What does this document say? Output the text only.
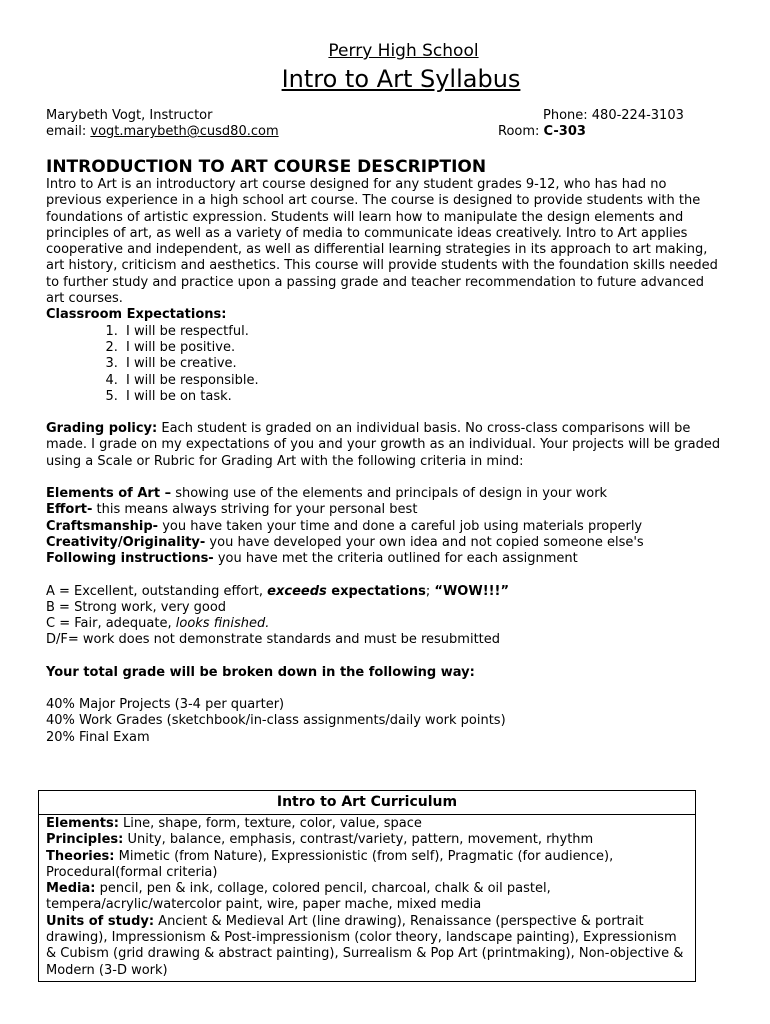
Perry High School
Intro to Art Syllabus
Marybeth Vogt, Instructor
email: vogt.marybeth@cusd80.com
Phone: 480-224-3103
Room: C-303
INTRODUCTION TO ART COURSE DESCRIPTION

Intro to Art is an introductory art course designed for any student grades 9-12, who has had no previous experience in a high school art course. The course is designed to provide students with the foundations of artistic expression. Students will learn how to manipulate the design elements and principles of art, as well as a variety of media to communicate ideas creatively. Intro to Art applies cooperative and independent, as well as differential learning strategies in its approach to art making, art history, criticism and aesthetics. This course will provide students with the foundation skills needed to further study and practice upon a passing grade and teacher recommendation to future advanced art courses.

Classroom Expectations:
1. I will be respectful.
2. I will be positive.
3. I will be creative.
4. I will be responsible.
5. I will be on task.

Grading policy: Each student is graded on an individual basis. No cross-class comparisons will be made. I grade on my expectations of you and your growth as an individual. Your projects will be graded using a Scale or Rubric for Grading Art with the following criteria in mind:

Elements of Art – showing use of the elements and principals of design in your work
Effort- this means always striving for your personal best
Craftsmanship- you have taken your time and done a careful job using materials properly
Creativity/Originality- you have developed your own idea and not copied someone else's
Following instructions- you have met the criteria outlined for each assignment
A = Excellent, outstanding effort, exceeds expectations; “WOW!!!”
B = Strong work, very good
C = Fair, adequate, looks finished.
D/F= work does not demonstrate standards and must be resubmitted
Your total grade will be broken down in the following way:
40% Major Projects (3-4 per quarter)
40% Work Grades (sketchbook/in-class assignments/daily work points)
20% Final Exam
Intro to Art Curriculum
Elements: Line, shape, form, texture, color, value, space
Principles: Unity, balance, emphasis, contrast/variety, pattern, movement, rhythm
Theories: Mimetic (from Nature), Expressionistic (from self), Pragmatic (for audience), Procedural(formal criteria)
Media: pencil, pen & ink, collage, colored pencil, charcoal, chalk & oil pastel, tempera/acrylic/watercolor paint, wire, paper mache, mixed media
Units of study: Ancient & Medieval Art (line drawing), Renaissance (perspective & portrait drawing), Impressionism & Post-impressionism (color theory, landscape painting), Expressionism & Cubism (grid drawing & abstract painting), Surrealism & Pop Art (printmaking), Non-objective & Modern (3-D work)
